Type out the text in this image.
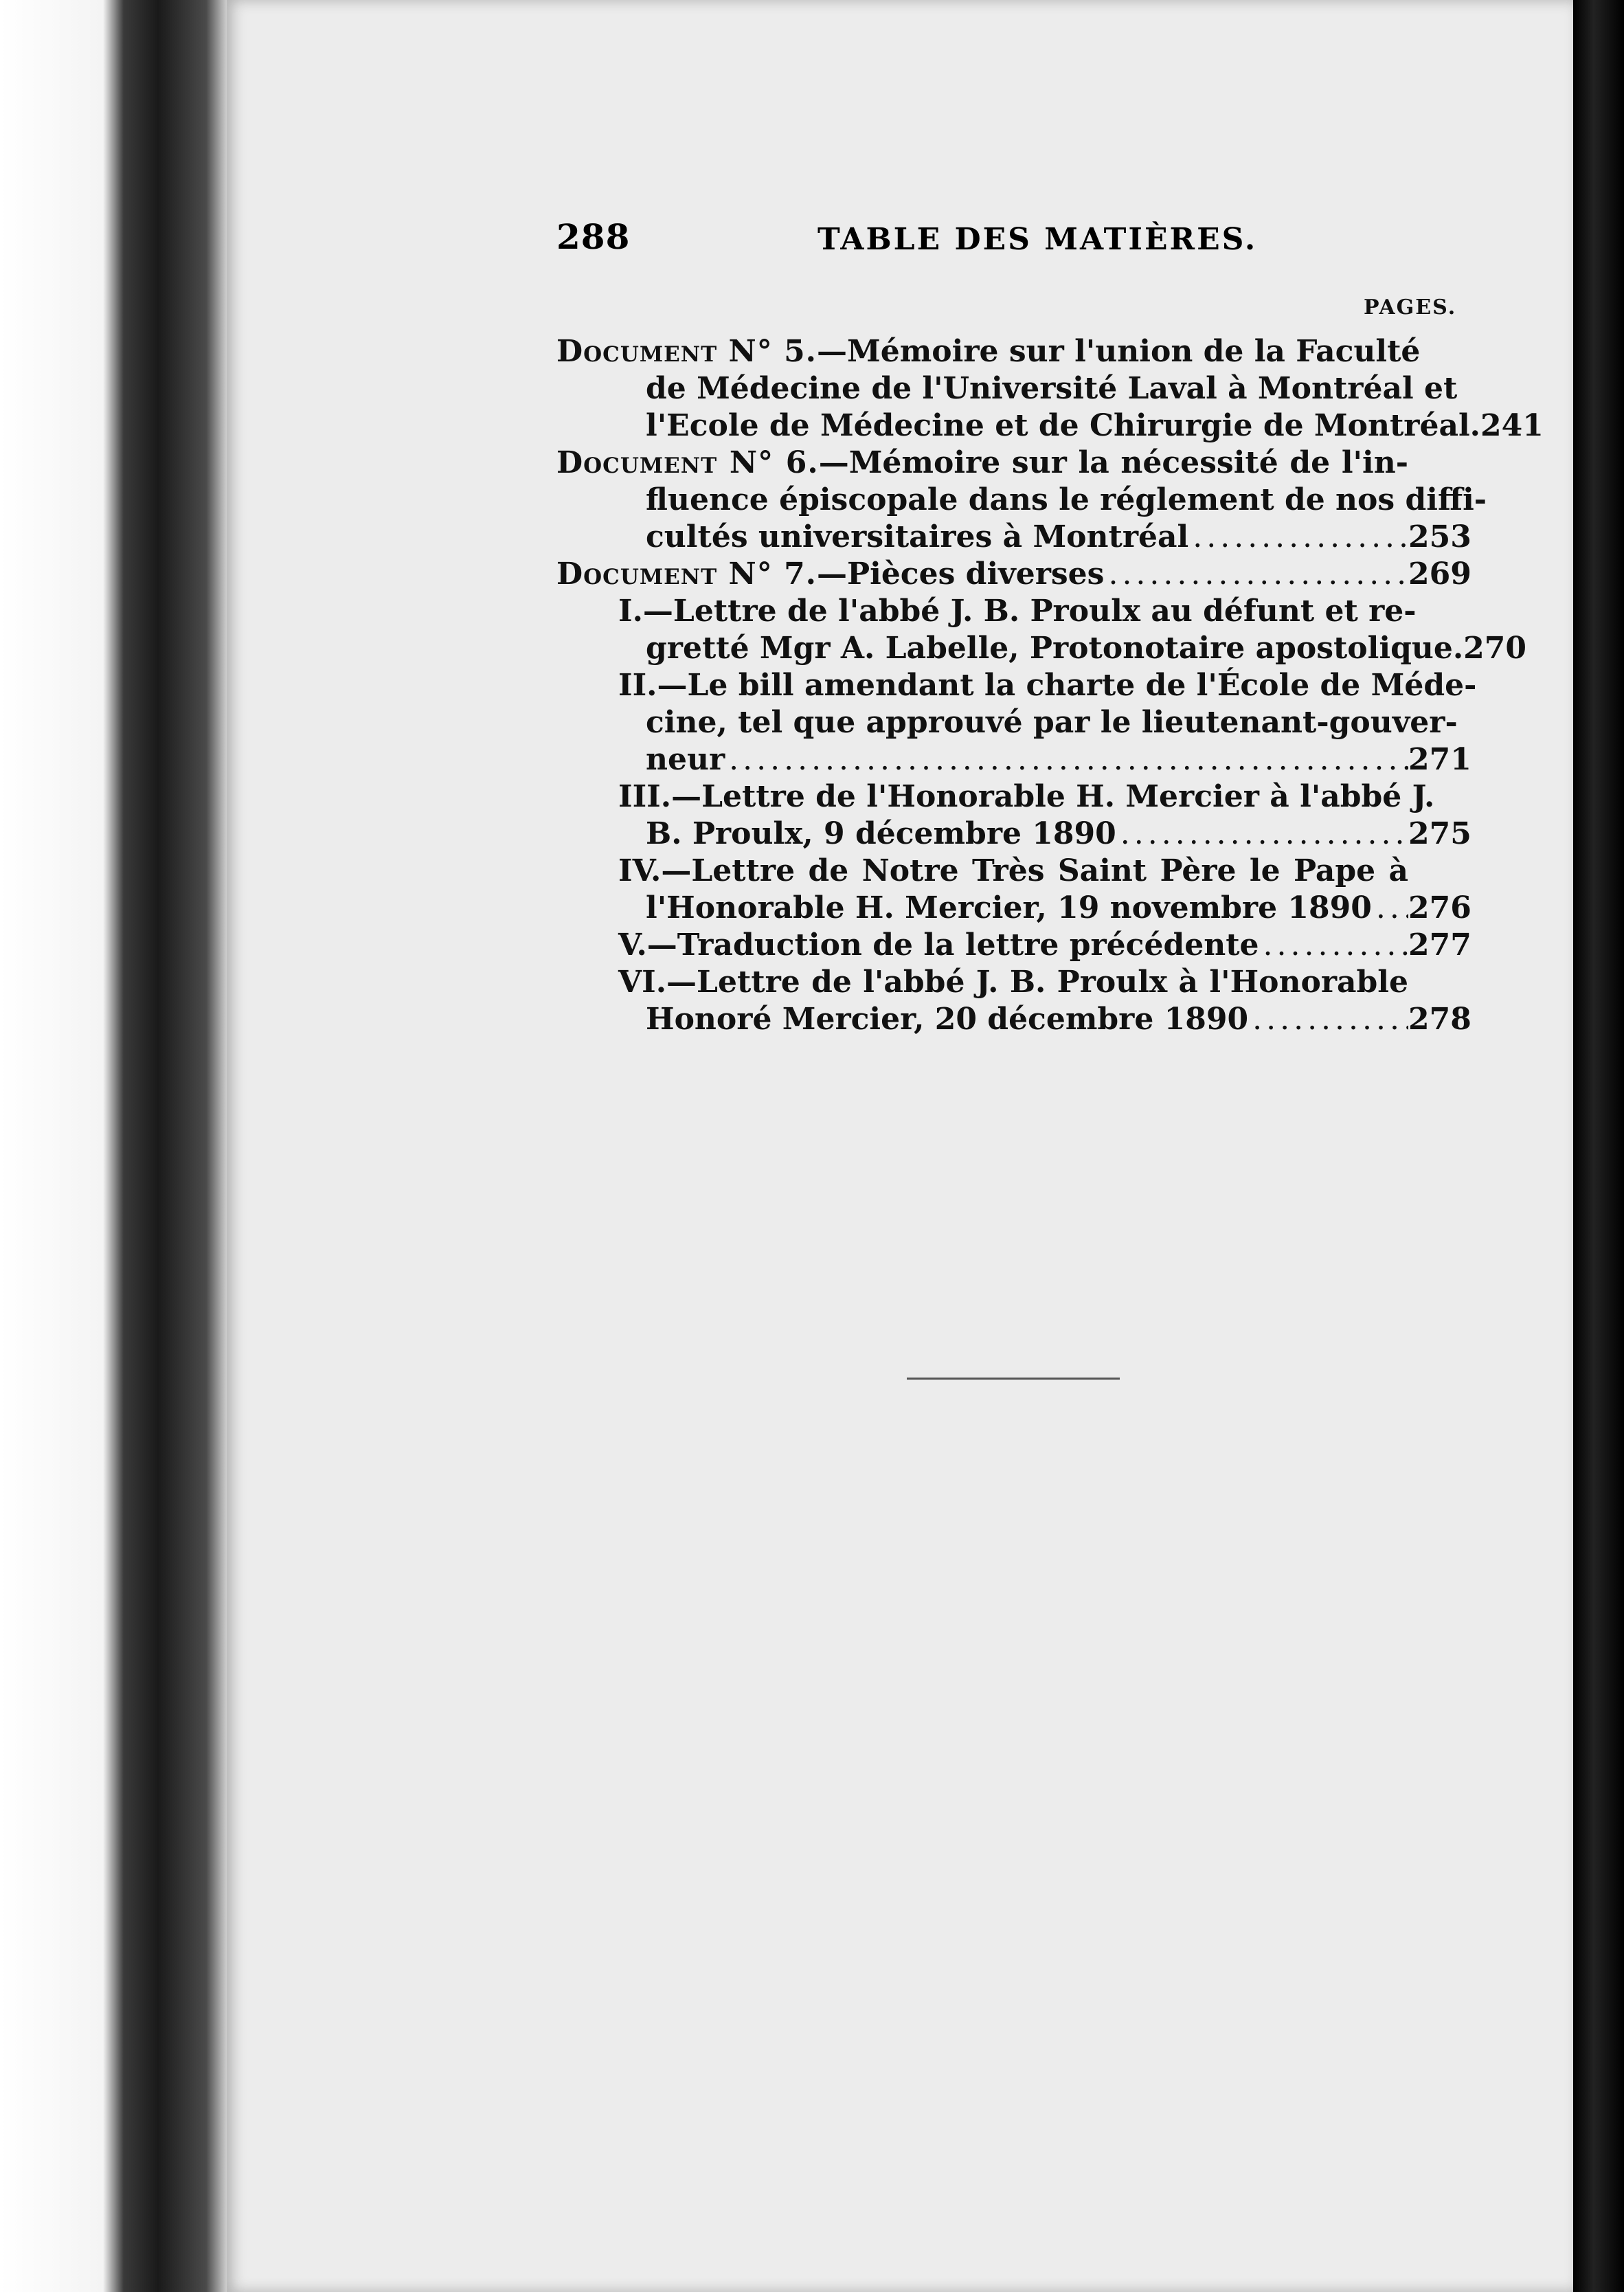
288	TABLE DES MATIÈRES.
PAGES.
Document N° 5.—Mémoire sur l'union de la Faculté
de Médecine de l'Université Laval à Montréal et
l'Ecole de Médecine et de Chirurgie de Montréal. 241
Document N° 6.—Mémoire sur la nécessité de l'in-
fluence épiscopale dans le réglement de nos diffi-
cultés universitaires à Montréal .....	253
Document N° 7.—Pièces diverses .....	269
I.—Lettre de l'abbé J. B. Proulx au défunt et re-
gretté Mgr A. Labelle, Protonotaire apostolique. 270
II.—Le bill amendant la charte de l'École de Méde-
cine, tel que approuvé par le lieutenant-gouver-
neur .....	271
III.—Lettre de l'Honorable H. Mercier à l'abbé J.
B. Proulx, 9 décembre 1890 .....	275
IV.—Lettre de Notre Très Saint Père le Pape à
l'Honorable H. Mercier, 19 novembre 1890 ..... 276
V.—Traduction de la lettre précédente .....	277
VI.—Lettre de l'abbé J. B. Proulx à l'Honorable
Honoré Mercier, 20 décembre 1890 .....	278
